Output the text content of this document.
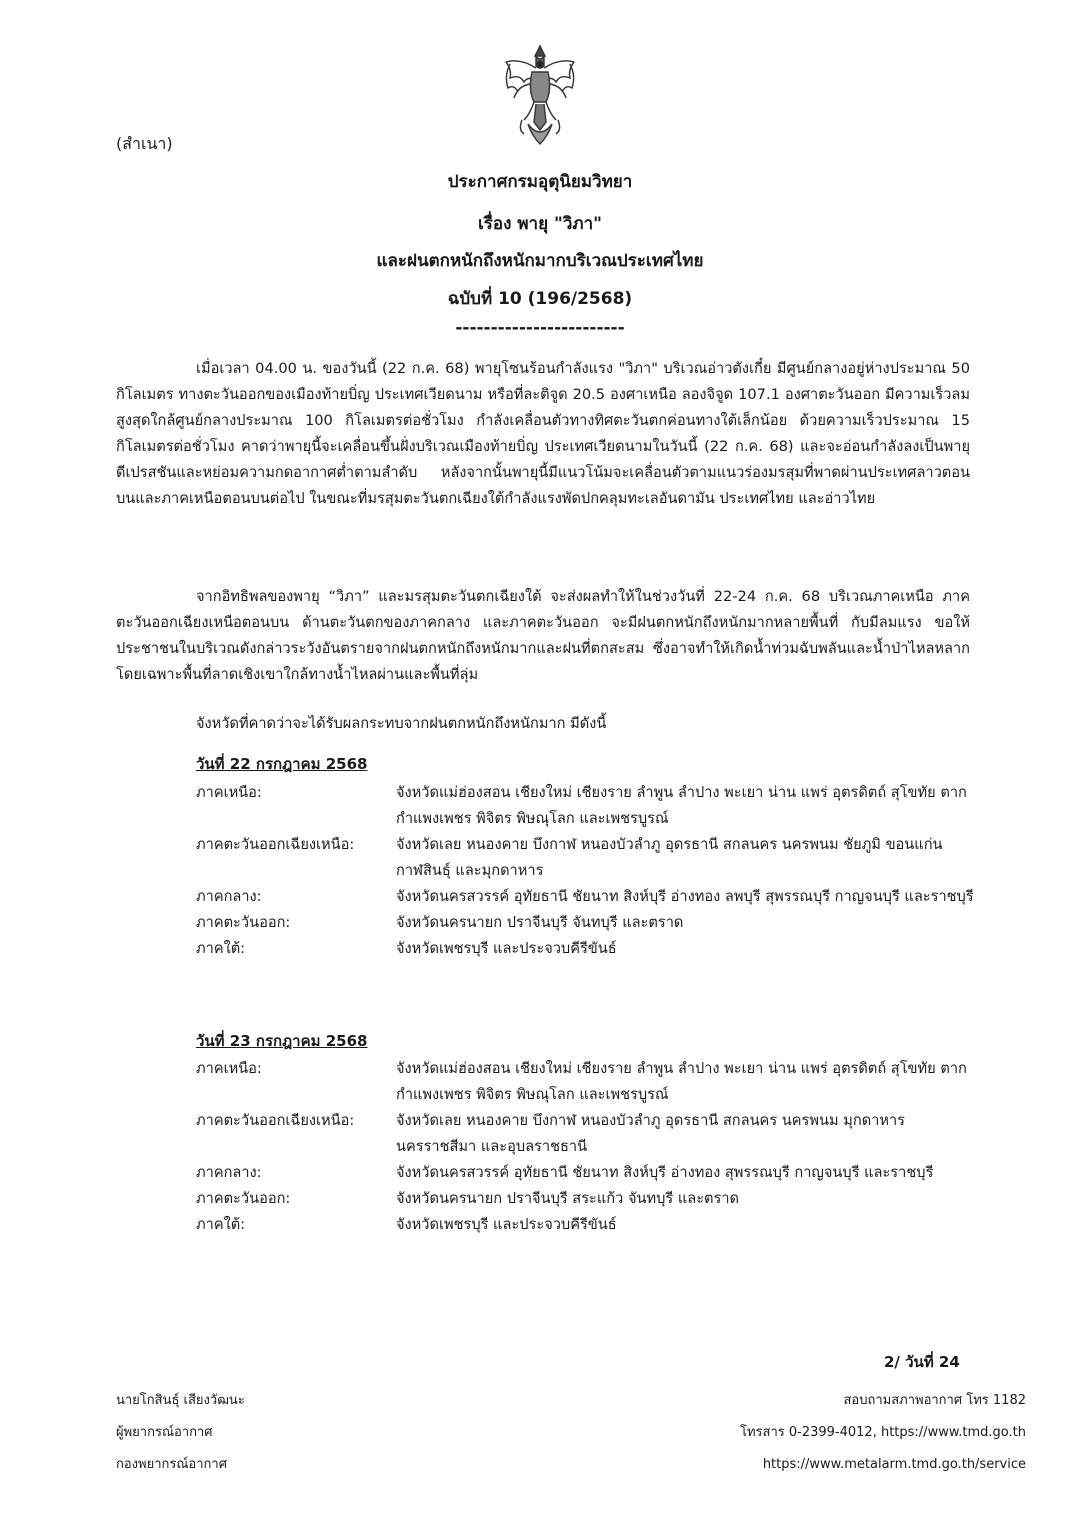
(สำเนา)
ประกาศกรมอุตุนิยมวิทยา
เรื่อง พายุ "วิภา"
และฝนตกหนักถึงหนักมากบริเวณประเทศไทย
ฉบับที่ 10 (196/2568)
------------------------

เมื่อเวลา 04.00 น. ของวันนี้ (22 ก.ค. 68) พายุโซนร้อนกำลังแรง "วิภา" บริเวณอ่าวตังเกี๋ย มีศูนย์กลางอยู่ห่างประมาณ 50 กิโลเมตร ทางตะวันออกของเมืองท้ายบิ่ญ ประเทศเวียดนาม หรือที่ละติจูด 20.5 องศาเหนือ ลองจิจูด 107.1 องศาตะวันออก มีความเร็วลมสูงสุดใกล้ศูนย์กลางประมาณ 100 กิโลเมตรต่อชั่วโมง กำลังเคลื่อนตัวทางทิศตะวันตกค่อนทางใต้เล็กน้อย ด้วยความเร็วประมาณ 15 กิโลเมตรต่อชั่วโมง คาดว่าพายุนี้จะเคลื่อนขึ้นฝั่งบริเวณเมืองท้ายบิ่ญ ประเทศเวียดนามในวันนี้ (22 ก.ค. 68) และจะอ่อนกำลังลงเป็นพายุดีเปรสชันและหย่อมความกดอากาศต่ำตามลำดับ หลังจากนั้นพายุนี้มีแนวโน้มจะเคลื่อนตัวตามแนวร่องมรสุมที่พาดผ่านประเทศลาวตอนบนและภาคเหนือตอนบนต่อไป ในขณะที่มรสุมตะวันตกเฉียงใต้กำลังแรงพัดปกคลุมทะเลอันดามัน ประเทศไทย และอ่าวไทย

จากอิทธิพลของพายุ “วิภา” และมรสุมตะวันตกเฉียงใต้ จะส่งผลทำให้ในช่วงวันที่ 22-24 ก.ค. 68 บริเวณภาคเหนือ ภาคตะวันออกเฉียงเหนือตอนบน ด้านตะวันตกของภาคกลาง และภาคตะวันออก จะมีฝนตกหนักถึงหนักมากหลายพื้นที่ กับมีลมแรง ขอให้ประชาชนในบริเวณดังกล่าวระวังอันตรายจากฝนตกหนักถึงหนักมากและฝนที่ตกสะสม ซึ่งอาจทำให้เกิดน้ำท่วมฉับพลันและน้ำป่าไหลหลาก โดยเฉพาะพื้นที่ลาดเชิงเขาใกล้ทางน้ำไหลผ่านและพื้นที่ลุ่ม

จังหวัดที่คาดว่าจะได้รับผลกระทบจากฝนตกหนักถึงหนักมาก มีดังนี้

วันที่ 22 กรกฎาคม 2568
ภาคเหนือ:	จังหวัดแม่ฮ่องสอน เชียงใหม่ เชียงราย ลำพูน ลำปาง พะเยา น่าน แพร่ อุตรดิตถ์ สุโขทัย ตาก กำแพงเพชร พิจิตร พิษณุโลก และเพชรบูรณ์
ภาคตะวันออกเฉียงเหนือ:	จังหวัดเลย หนองคาย บึงกาฬ หนองบัวลำภู อุดรธานี สกลนคร นครพนม ชัยภูมิ ขอนแก่น กาฬสินธุ์ และมุกดาหาร
ภาคกลาง:	จังหวัดนครสวรรค์ อุทัยธานี ชัยนาท สิงห์บุรี อ่างทอง ลพบุรี สุพรรณบุรี กาญจนบุรี และราชบุรี
ภาคตะวันออก:	จังหวัดนครนายก ปราจีนบุรี จันทบุรี และตราด
ภาคใต้:	จังหวัดเพชรบุรี และประจวบคีรีขันธ์
วันที่ 23 กรกฎาคม 2568
ภาคเหนือ:	จังหวัดแม่ฮ่องสอน เชียงใหม่ เชียงราย ลำพูน ลำปาง พะเยา น่าน แพร่ อุตรดิตถ์ สุโขทัย ตาก กำแพงเพชร พิจิตร พิษณุโลก และเพชรบูรณ์
ภาคตะวันออกเฉียงเหนือ:	จังหวัดเลย หนองคาย บึงกาฬ หนองบัวลำภู อุดรธานี สกลนคร นครพนม มุกดาหาร นครราชสีมา และอุบลราชธานี
ภาคกลาง:	จังหวัดนครสวรรค์ อุทัยธานี ชัยนาท สิงห์บุรี อ่างทอง สุพรรณบุรี กาญจนบุรี และราชบุรี
ภาคตะวันออก:	จังหวัดนครนายก ปราจีนบุรี สระแก้ว จันทบุรี และตราด
ภาคใต้:	จังหวัดเพชรบุรี และประจวบคีรีขันธ์
2/ วันที่ 24
นายโกสินธุ์ เสียงวัฒนะ
ผู้พยากรณ์อากาศ
กองพยากรณ์อากาศ
สอบถามสภาพอากาศ โทร 1182
โทรสาร 0-2399-4012, https://www.tmd.go.th
https://www.metalarm.tmd.go.th/service
